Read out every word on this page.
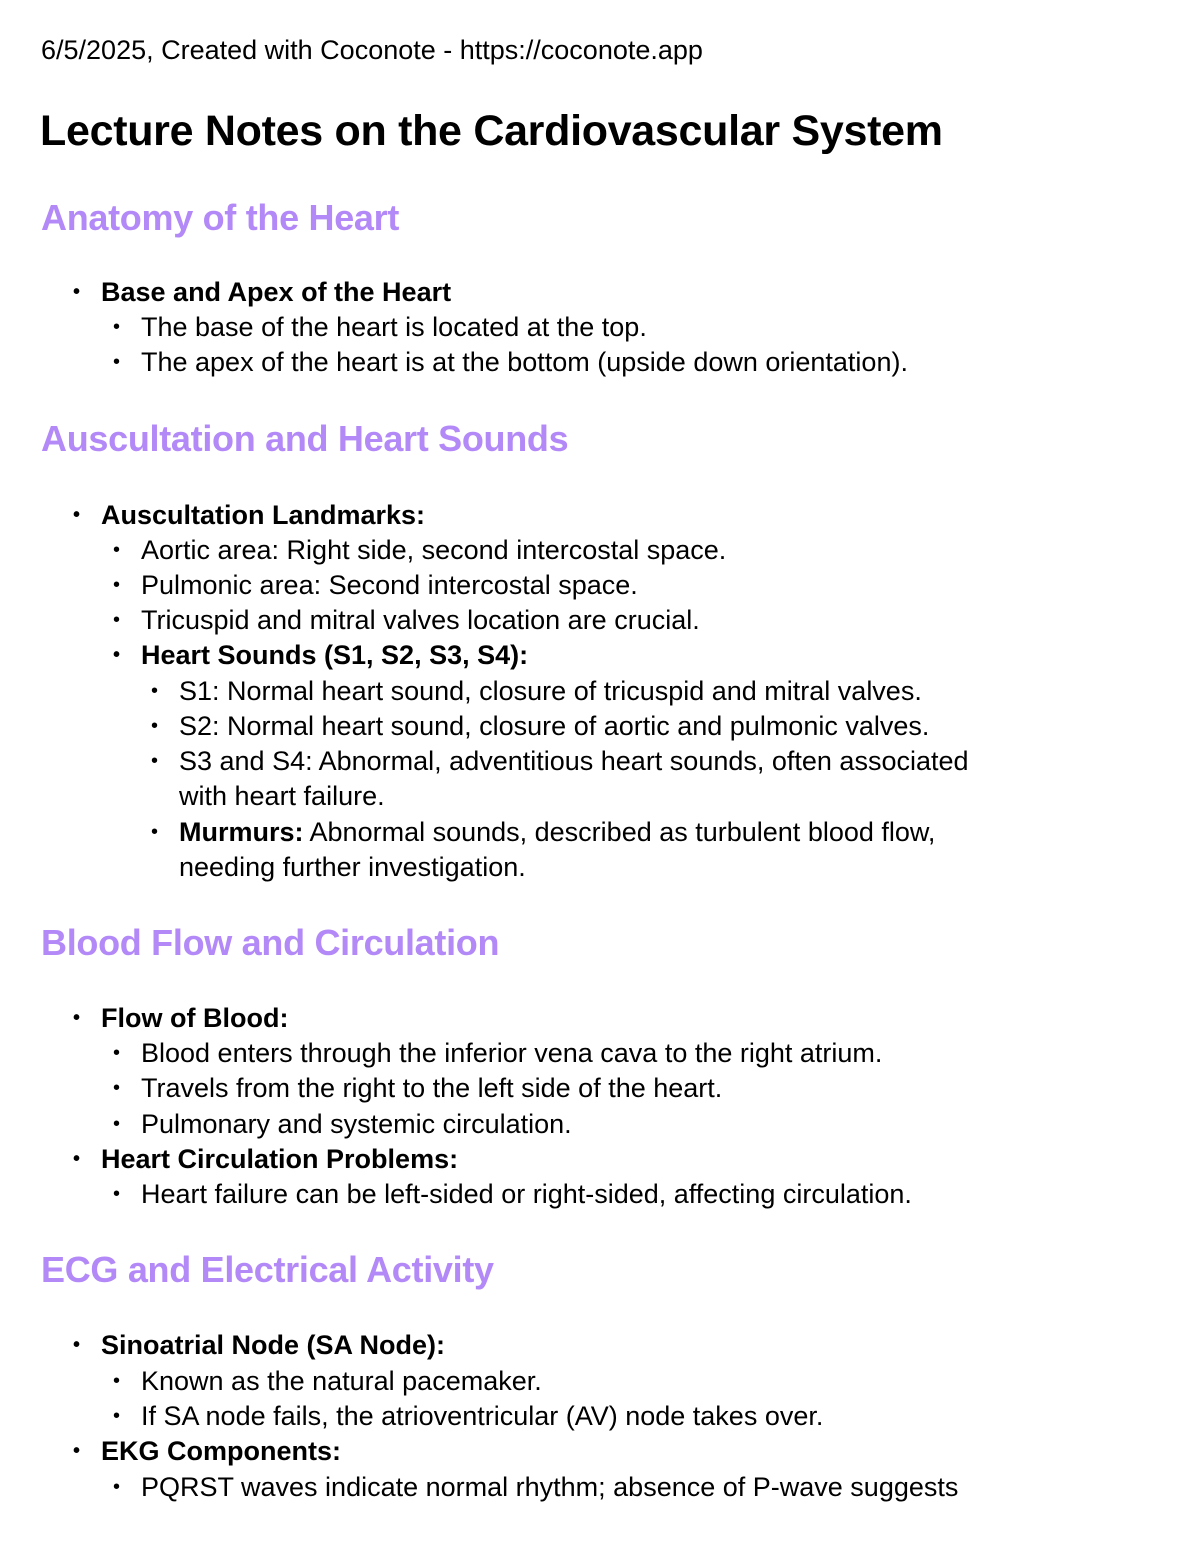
6/5/2025, Created with Coconote - https://coconote.app
Lecture Notes on the Cardiovascular System
Anatomy of the Heart
• Base and Apex of the Heart
• The base of the heart is located at the top.
• The apex of the heart is at the bottom (upside down orientation).
Auscultation and Heart Sounds
• Auscultation Landmarks:
• Aortic area: Right side, second intercostal space.
• Pulmonic area: Second intercostal space.
• Tricuspid and mitral valves location are crucial.
• Heart Sounds (S1, S2, S3, S4):
• S1: Normal heart sound, closure of tricuspid and mitral valves.
• S2: Normal heart sound, closure of aortic and pulmonic valves.
• S3 and S4: Abnormal, adventitious heart sounds, often associated
with heart failure.
• Murmurs: Abnormal sounds, described as turbulent blood flow,
needing further investigation.
Blood Flow and Circulation
• Flow of Blood:
• Blood enters through the inferior vena cava to the right atrium.
• Travels from the right to the left side of the heart.
• Pulmonary and systemic circulation.
• Heart Circulation Problems:
• Heart failure can be left-sided or right-sided, affecting circulation.
ECG and Electrical Activity
• Sinoatrial Node (SA Node):
• Known as the natural pacemaker.
• If SA node fails, the atrioventricular (AV) node takes over.
• EKG Components:
• PQRST waves indicate normal rhythm; absence of P-wave suggests
